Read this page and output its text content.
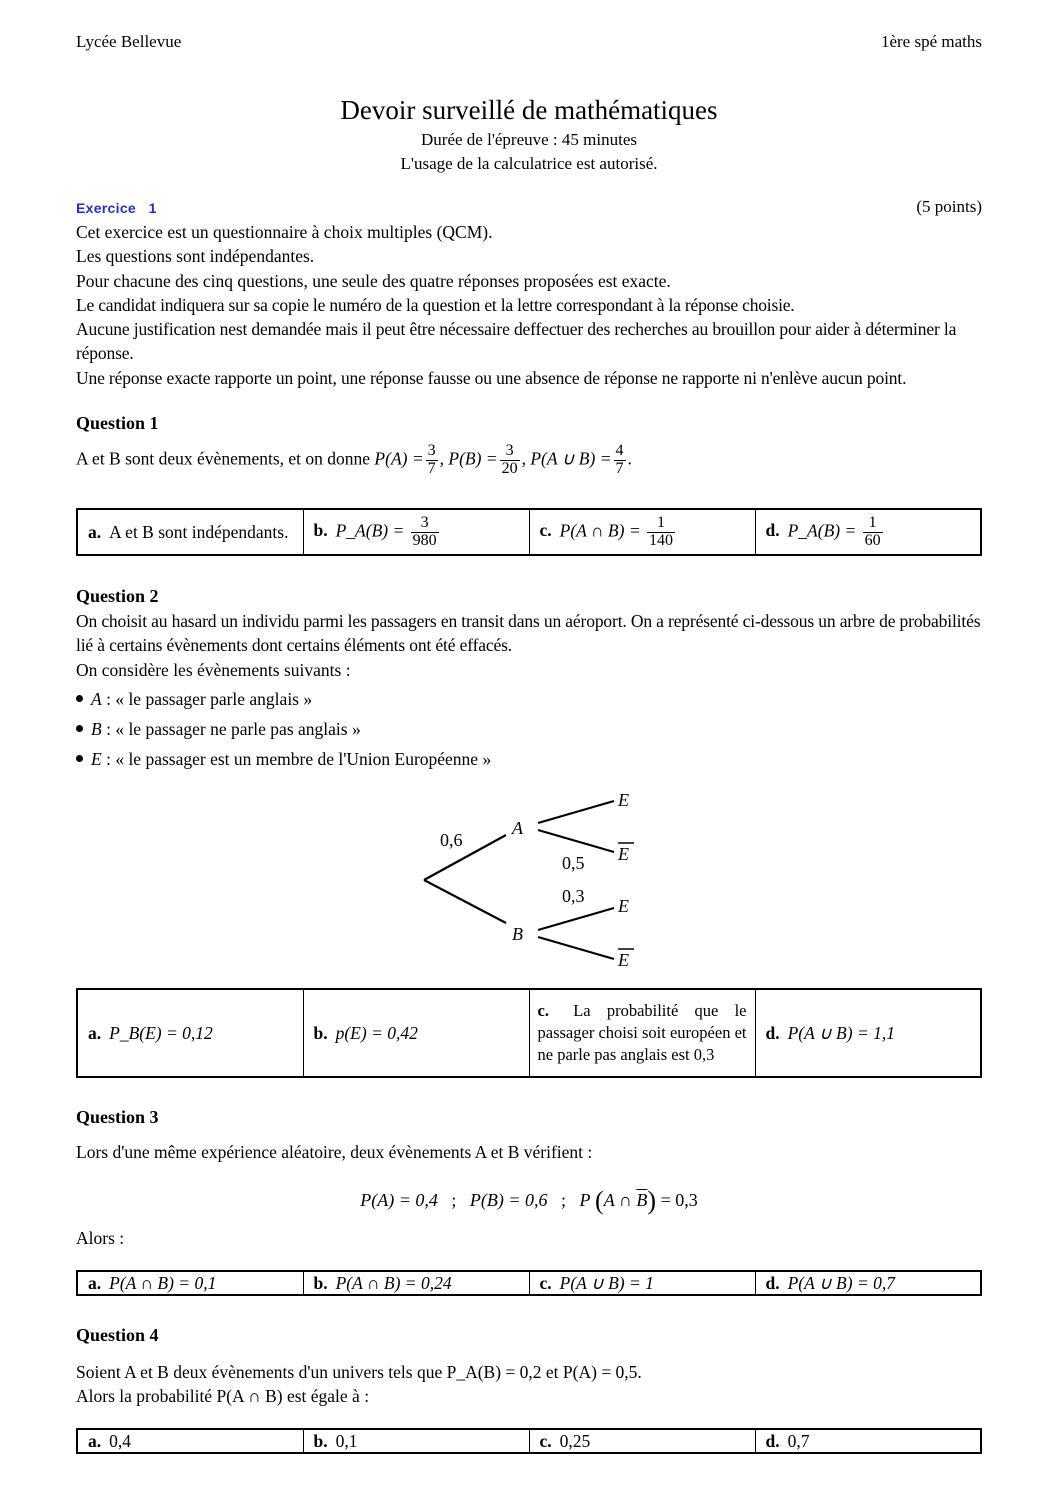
Lycée Bellevue	1ère spé maths
Devoir surveillé de mathématiques
Durée de l'épreuve : 45 minutes
L'usage de la calculatrice est autorisé.
Exercice   1	(5 points)
Cet exercice est un questionnaire à choix multiples (QCM).
Les questions sont indépendantes.
Pour chacune des cinq questions, une seule des quatre réponses proposées est exacte.
Le candidat indiquera sur sa copie le numéro de la question et la lettre correspondant à la réponse choisie.
Aucune justification nest demandée mais il peut être nécessaire deffectuer des recherches au brouillon pour aider à déterminer la réponse.
Une réponse exacte rapporte un point, une réponse fausse ou une absence de réponse ne rapporte ni n'enlève aucun point.
Question 1
A et B sont deux évènements, et on donne $P(A) = \frac{3}{7}$ , $P(B) = \frac{3}{20}$ , P(A ∪ $B) = \frac{4}{7}$ .
a. A et B sont indépendants.	b. P_A(B) = $\frac{3}{980}$	c. P(A ∩ $B) = \frac{1}{140}$	d. P_A(B) = $\frac{1}{60}$
Question 2
On choisit au hasard un individu parmi les passagers en transit dans un aéroport. On a représenté ci-dessous un arbre de probabilités lié à certains évènements dont certains éléments ont été effacés.
On considère les évènements suivants :
A : « le passager parle anglais »
B : « le passager ne parle pas anglais »
E : « le passager est un membre de l'Union Européenne »
0,6
0,5
0,3
A
B
E
E
E
E
a. P_B(E) = 0,12	b. p(E) = 0,42	c. La probabilité que le passager choisi soit européen et ne parle pas anglais est 0,3	d. P(A ∪ B) = 1,1
Question 3
Lors d'une même expérience aléatoire, deux évènements A et B vérifient :
P(A) = 0,4   ;   P(B) = 0,6   ;   P (A ∩ $\overline{B}) = 0,3$
Alors :
a. P(A ∩ B) = 0,1	b. P(A ∩ B) = 0,24	c. P(A ∪ B) = 1	d. P(A ∪ B) = 0,7
Question 4
Soient A et B deux évènements d'un univers tels que P_A(B) = 0,2 et P(A) = 0,5.
Alors la probabilité P(A ∩ B) est égale à :
a. 0,4	b. 0,1	c. 0,25	d. 0,7
